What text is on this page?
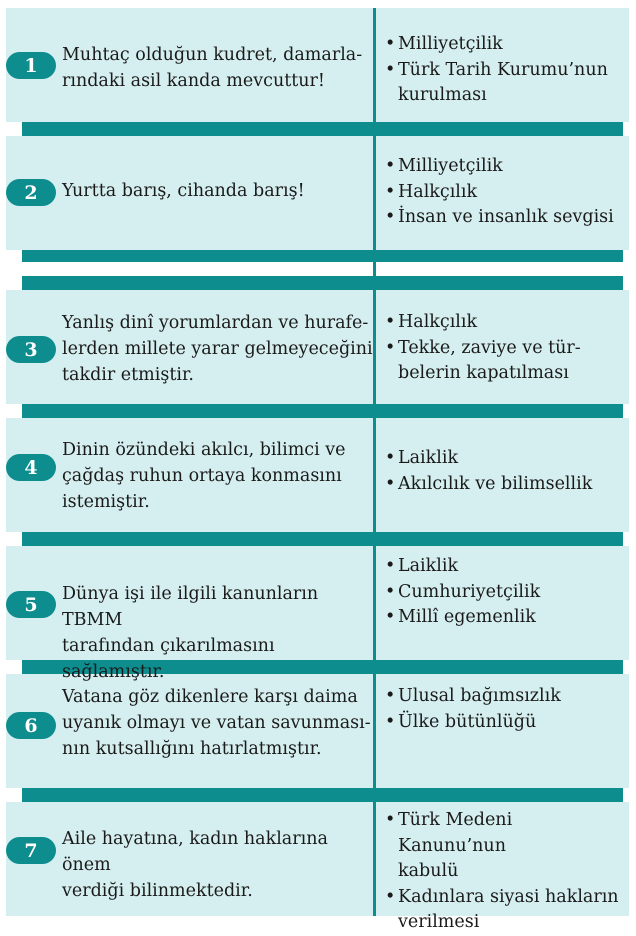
1	Muhtaç olduğun kudret, damarla-
rındaki asil kanda mevcuttur!
• Milliyetçilik
• Türk Tarih Kurumu’nun
kurulması
2	Yurtta barış, cihanda barış!
• Milliyetçilik
• Halkçılık
• İnsan ve insanlık sevgisi
3
Yanlış dinî yorumlardan ve hurafe-
lerden millete yarar gelmeyeceğini
takdir etmiştir.
• Halkçılık
• Tekke, zaviye ve tür-
belerin kapatılması
4
Dinin özündeki akılcı, bilimci ve
çağdaş ruhun ortaya konmasını
istemiştir.
• Laiklik
• Akılcılık ve bilimsellik
5	Dünya işi ile ilgili kanunların TBMM
tarafından çıkarılmasını sağlamıştır.
• Laiklik
• Cumhuriyetçilik
• Millî egemenlik
6
Vatana göz dikenlere karşı daima
uyanık olmayı ve vatan savunması-
nın kutsallığını hatırlatmıştır.
• Ulusal bağımsızlık
• Ülke bütünlüğü
7
Aile hayatına, kadın haklarına önem
verdiği bilinmektedir.
• Türk Medeni Kanunu’nun
kabulü
• Kadınlara siyasi hakların
verilmesi
